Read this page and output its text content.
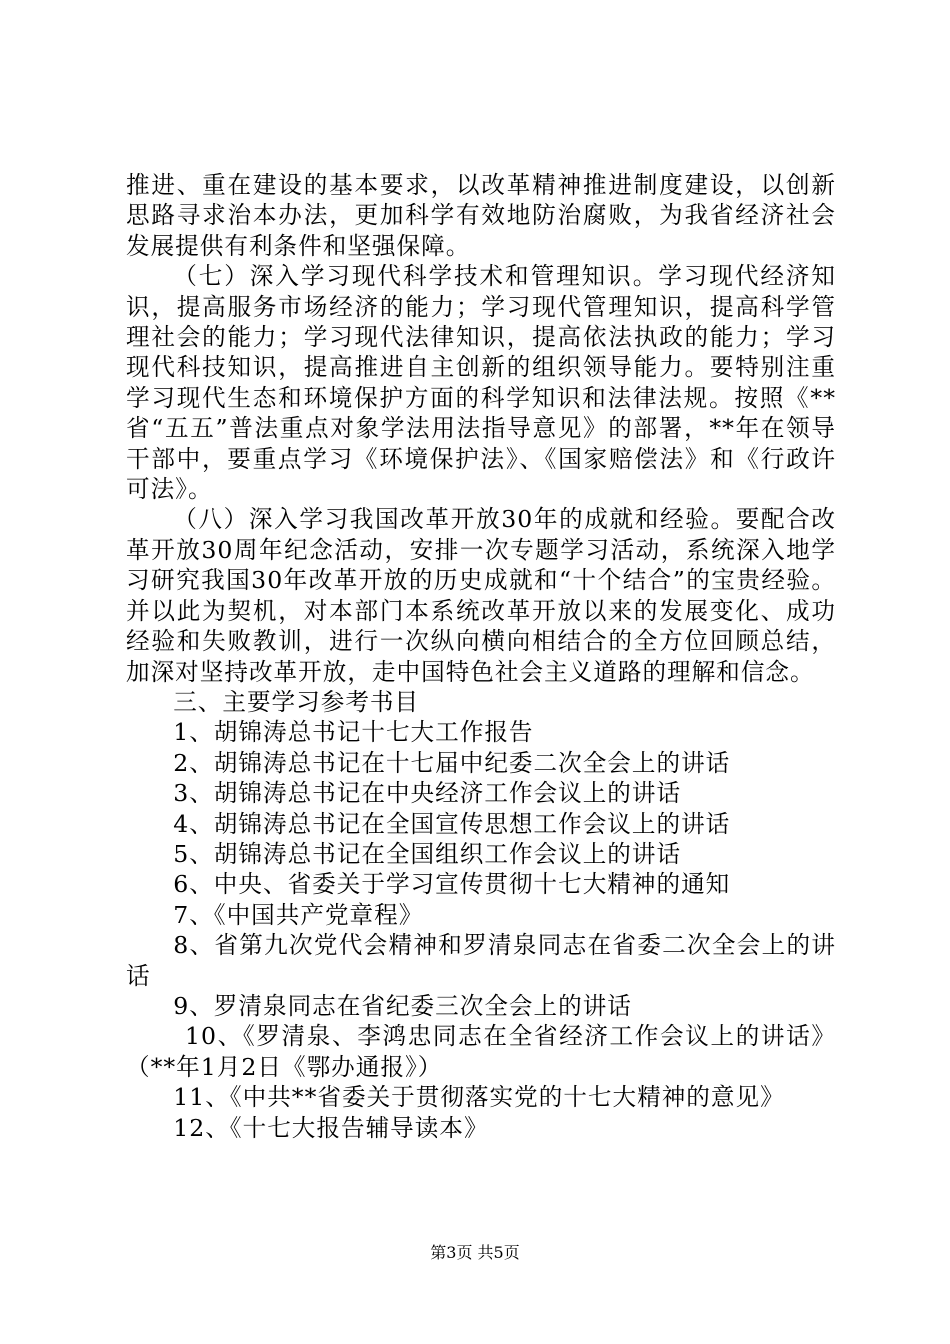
推进、重在建设的基本要求，以改革精神推进制度建设，以创新思路寻求治本办法，更加科学有效地防治腐败，为我省经济社会发展提供有利条件和坚强保障。

（七）深入学习现代科学技术和管理知识。学习现代经济知识，提高服务市场经济的能力；学习现代管理知识，提高科学管理社会的能力；学习现代法律知识，提高依法执政的能力；学习现代科技知识，提高推进自主创新的组织领导能力。要特别注重学习现代生态和环境保护方面的科学知识和法律法规。按照《**省“五五”普法重点对象学法用法指导意见》的部署，**年在领导干部中，要重点学习《环境保护法》、《国家赔偿法》和《行政许可法》。

（八）深入学习我国改革开放30年的成就和经验。要配合改革开放30周年纪念活动，安排一次专题学习活动，系统深入地学习研究我国30年改革开放的历史成就和“十个结合”的宝贵经验。并以此为契机，对本部门本系统改革开放以来的发展变化、成功经验和失败教训，进行一次纵向横向相结合的全方位回顾总结，加深对坚持改革开放，走中国特色社会主义道路的理解和信念。

三、主要学习参考书目

1、胡锦涛总书记十七大工作报告

2、胡锦涛总书记在十七届中纪委二次全会上的讲话

3、胡锦涛总书记在中央经济工作会议上的讲话

4、胡锦涛总书记在全国宣传思想工作会议上的讲话

5、胡锦涛总书记在全国组织工作会议上的讲话

6、中央、省委关于学习宣传贯彻十七大精神的通知

7、《中国共产党章程》

8、省第九次党代会精神和罗清泉同志在省委二次全会上的讲话

9、罗清泉同志在省纪委三次全会上的讲话

10、《罗清泉、李鸿忠同志在全省经济工作会议上的讲话》（**年1月2日《鄂办通报》）

11、《中共**省委关于贯彻落实党的十七大精神的意见》

12、《十七大报告辅导读本》

第3页 共5页
